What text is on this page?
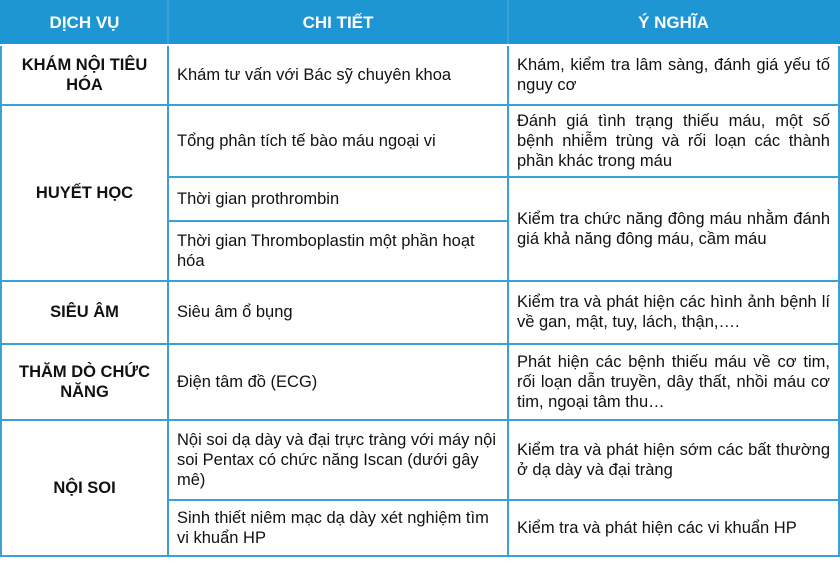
DỊCH VỤ	CHI TIẾT	Ý NGHĨA
KHÁM NỘI TIÊU HÓA	Khám tư vấn với Bác sỹ chuyên khoa	Khám, kiểm tra lâm sàng, đánh giá yếu tố nguy cơ
HUYẾT HỌC	Tổng phân tích tế bào máu ngoại vi	Đánh giá tình trạng thiếu máu, một số bệnh nhiễm trùng và rối loạn các thành phần khác trong máu
	Thời gian prothrombin	Kiểm tra chức năng đông máu nhằm đánh giá khả năng đông máu, cầm máu
	Thời gian Thromboplastin một phần hoạt hóa	
SIÊU ÂM	Siêu âm ổ bụng	Kiểm tra và phát hiện các hình ảnh bệnh lí về gan, mật, tuy, lách, thận,….
THĂM DÒ CHỨC NĂNG	Điện tâm đồ (ECG)	Phát hiện các bệnh thiếu máu về cơ tim, rối loạn dẫn truyền, dây thất, nhồi máu cơ tim, ngoại tâm thu…
NỘI SOI	Nội soi dạ dày và đại trực tràng với máy nội soi Pentax có chức năng Iscan (dưới gây mê)	Kiểm tra và phát hiện sớm các bất thường ở dạ dày và đại tràng
	Sinh thiết niêm mạc dạ dày xét nghiệm tìm vi khuẩn HP	Kiểm tra và phát hiện các vi khuẩn HP
